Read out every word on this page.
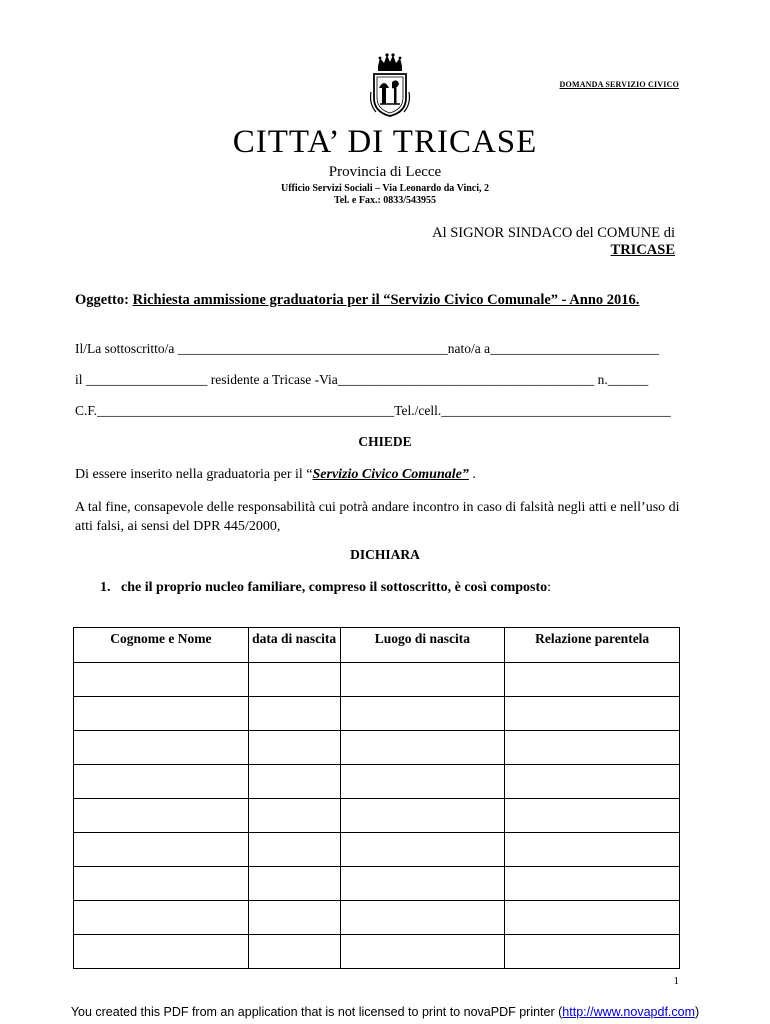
DOMANDA SERVIZIO CIVICO
CITTA’ DI TRICASE
Provincia di Lecce
Ufficio Servizi Sociali – Via Leonardo da Vinci, 2
Tel. e Fax.: 0833/543955
Al SIGNOR SINDACO del COMUNE di
TRICASE
Oggetto: Richiesta ammissione graduatoria per il “Servizio Civico Comunale” - Anno 2016.
Il/La sottoscritto/a ________________________________________nato/a a_________________________
il __________________ residente a Tricase -Via______________________________________ n.______
C.F.____________________________________________Tel./cell.__________________________________
CHIEDE
Di essere inserito nella graduatoria per il “Servizio Civico Comunale” .
A tal fine, consapevole delle responsabilità cui potrà andare incontro in caso di falsità negli atti e nell’uso di atti falsi, ai sensi del DPR 445/2000,
DICHIARA
1. che il proprio nucleo familiare, compreso il sottoscritto, è così composto:
Cognome e Nome	data di nascita	Luogo di nascita	Relazione parentela

1
You created this PDF from an application that is not licensed to print to novaPDF printer (http://www.novapdf.com)
